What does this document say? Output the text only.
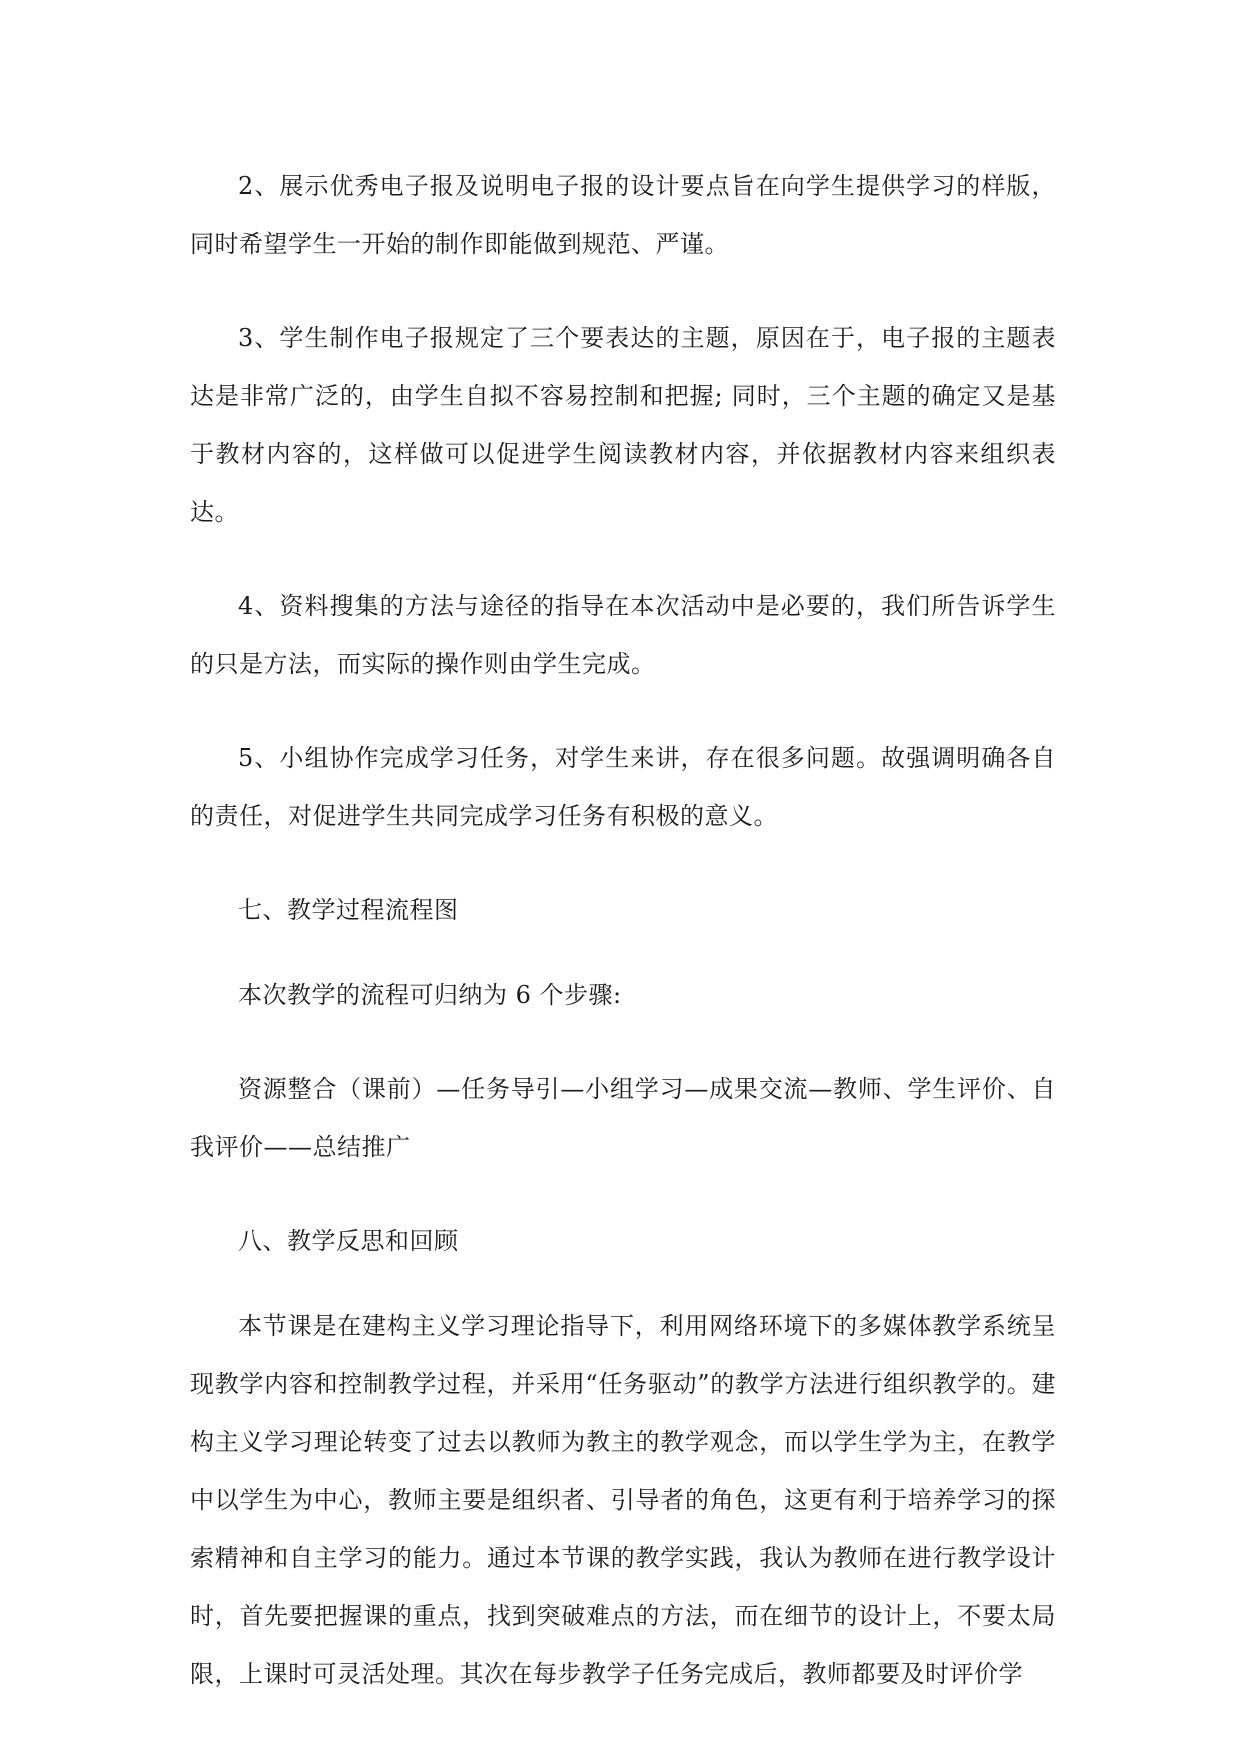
2、展示优秀电子报及说明电子报的设计要点旨在向学生提供学习的样版，同时希望学生一开始的制作即能做到规范、严谨。

3、学生制作电子报规定了三个要表达的主题，原因在于，电子报的主题表达是非常广泛的，由学生自拟不容易控制和把握; 同时，三个主题的确定又是基于教材内容的，这样做可以促进学生阅读教材内容，并依据教材内容来组织表达。

4、资料搜集的方法与途径的指导在本次活动中是必要的，我们所告诉学生的只是方法，而实际的操作则由学生完成。

5、小组协作完成学习任务，对学生来讲，存在很多问题。故强调明确各自的责任，对促进学生共同完成学习任务有积极的意义。

七、教学过程流程图

本次教学的流程可归纳为 6 个步骤:

资源整合（课前）—任务导引—小组学习—成果交流—教师、学生评价、自我评价——总结推广

八、教学反思和回顾

本节课是在建构主义学习理论指导下，利用网络环境下的多媒体教学系统呈现教学内容和控制教学过程，并采用“任务驱动”的教学方法进行组织教学的。建构主义学习理论转变了过去以教师为教主的教学观念，而以学生学为主，在教学中以学生为中心，教师主要是组织者、引导者的角色，这更有利于培养学习的探索精神和自主学习的能力。通过本节课的教学实践，我认为教师在进行教学设计时，首先要把握课的重点，找到突破难点的方法，而在细节的设计上，不要太局限，上课时可灵活处理。其次在每步教学子任务完成后，教师都要及时评价学
